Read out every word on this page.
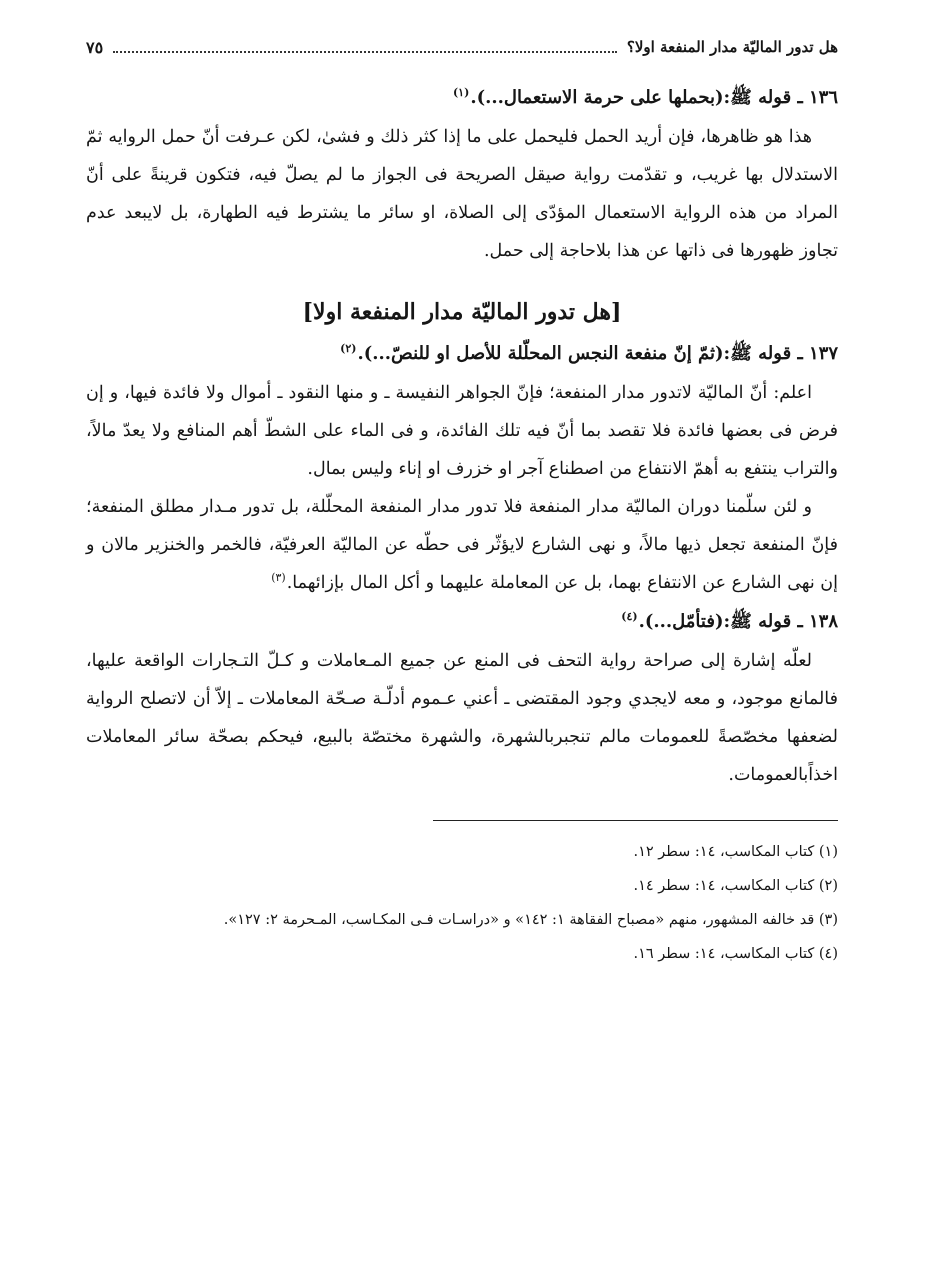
هل تدور الماليّة مدار المنفعة اولا؟
٧٥
١٣٦ ـ قوله ﷺ:(بحملها على حرمة الاستعمال...).$^{(١)}$

هذا هو ظاهرها، فإن أريد الحمل فليحمل على ما إذا كثر ذلك و فشىٰ، لكن عـرفت أنّ حمل الروايه ثمّ الاستدلال بها غريب، و تقدّمت رواية صيقل الصريحة فى الجواز ما لم يصلّ فيه، فتكون قرينةً على أنّ المراد من هذه الرواية الاستعمال المؤدّى إلى الصلاة، او سائر ما يشترط فيه الطهارة، بل لايبعد عدم تجاوز ظهورها فى ذاتها عن هذا بلاحاجة إلى حمل.

[هل تدور الماليّة مدار المنفعة اولا]
١٣٧ ـ قوله ﷺ:(ثمّ إنّ منفعة النجس المحلّلة للأصل او للنصّ...).$^{(٢)}$

اعلم: أنّ الماليّة لاتدور مدار المنفعة؛ فإنّ الجواهر النفيسة ـ و منها النقود ـ أموال ولا فائدة فيها، و إن فرض فى بعضها فائدة فلا تقصد بما أنّ فيه تلك الفائدة، و فى الماء على الشطّ أهم المنافع ولا يعدّ مالاً، والتراب ينتفع به أهمّ الانتفاع من اصطناع آجر او خزرف او إناء وليس بمال.

و لئن سلّمنا دوران الماليّة مدار المنفعة فلا تدور مدار المنفعة المحلّلة، بل تدور مـدار مطلق المنفعة؛ فإنّ المنفعة تجعل ذيها مالاً، و نهى الشارع لايؤثّر فى حطّه عن الماليّة العرفيّة، فالخمر والخنزير مالان و إن نهى الشارع عن الانتفاع بهما، بل عن المعاملة عليهما و أكل المال بإزائهما.$^{(٣)}$

١٣٨ ـ قوله ﷺ:(فتأمّل...).$^{(٤)}$

لعلّه إشارة إلى صراحة رواية التحف فى المنع عن جميع المـعاملات و كـلّ التـجارات الواقعة عليها، فالمانع موجود، و معه لايجدي وجود المقتضى ـ أعني عـموم أدلّـة صـحّة المعاملات ـ إلاّ أن لاتصلح الرواية لضعفها مخصّصةً للعمومات مالم تنجبربالشهرة، والشهرة مختصّة بالبيع، فيحكم بصحّة سائر المعاملات اخذاًبالعمومات.

(١) كتاب المكاسب، ١٤: سطر ١٢.

(٢) كتاب المكاسب، ١٤: سطر ١٤.

(٣) قد خالفه المشهور، منهم «مصباح الفقاهة ١: ١٤٢» و «دراسـات فـى المكـاسب، المـحرمة ٢: ١٢٧».

(٤) كتاب المكاسب، ١٤: سطر ١٦.
